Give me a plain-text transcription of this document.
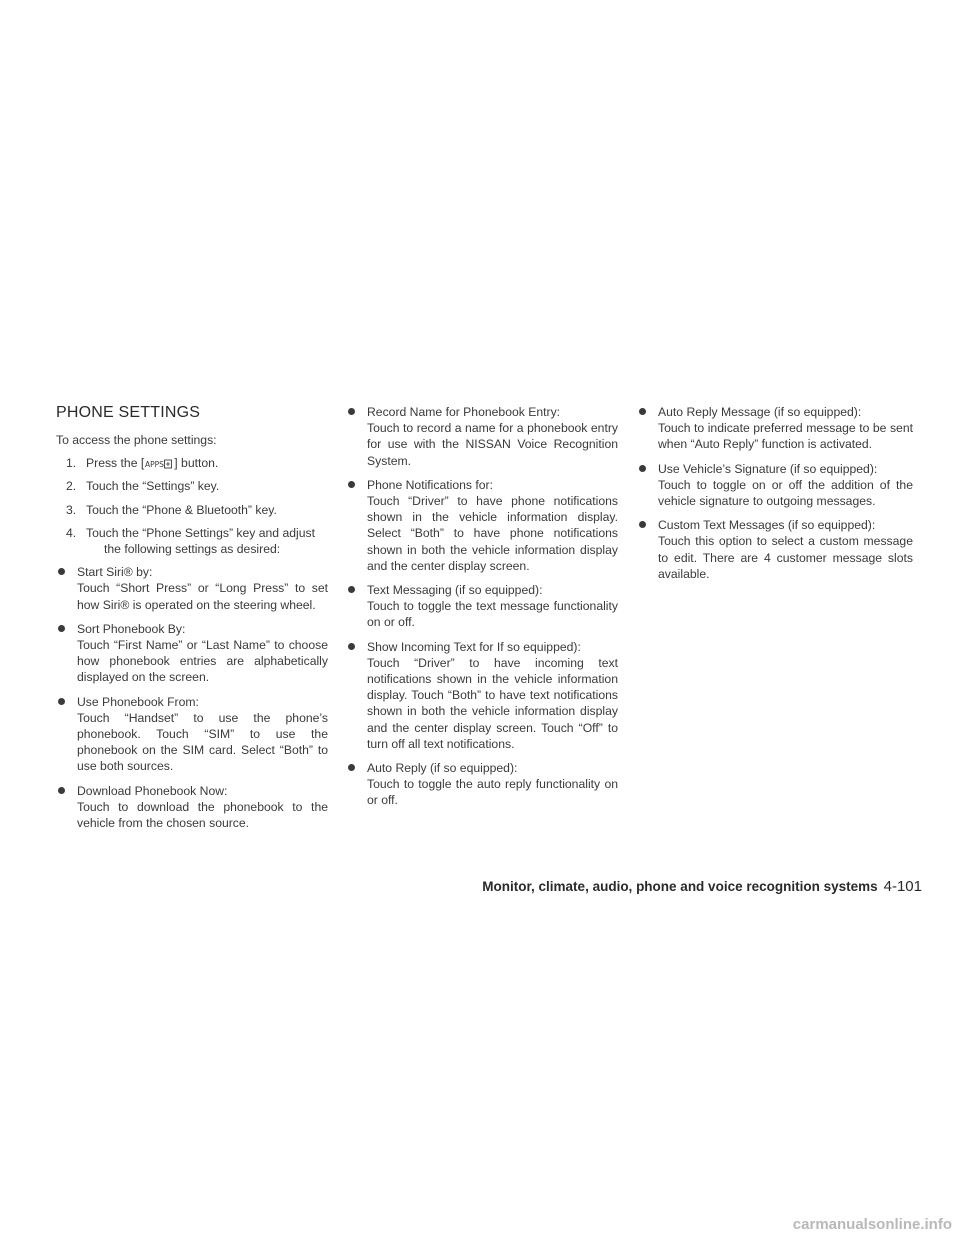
PHONE SETTINGS

To access the phone settings:

1. Press the [ APPS ] button.
2. Touch the “Settings” key.
3. Touch the “Phone & Bluetooth” key.
4. Touch the “Phone Settings” key and adjust
the following settings as desired:
Start Siri® by:
Touch “Short Press” or “Long Press” to set how Siri® is operated on the steering wheel.
Sort Phonebook By:
Touch “First Name” or “Last Name” to choose how phonebook entries are alphabetically displayed on the screen.
Use Phonebook From:
Touch “Handset” to use the phone’s phonebook. Touch “SIM” to use the phonebook on the SIM card. Select “Both” to use both sources.
Download Phonebook Now:
Touch to download the phonebook to the vehicle from the chosen source.
Record Name for Phonebook Entry:
Touch to record a name for a phonebook entry for use with the NISSAN Voice Recognition System.
Phone Notifications for:
Touch “Driver” to have phone notifications shown in the vehicle information display. Select “Both” to have phone notifications shown in both the vehicle information display and the center display screen.
Text Messaging (if so equipped):
Touch to toggle the text message functionality on or off.
Show Incoming Text for If so equipped):
Touch “Driver” to have incoming text notifications shown in the vehicle information display. Touch “Both” to have text notifications shown in both the vehicle information display and the center display screen. Touch “Off” to turn off all text notifications.
Auto Reply (if so equipped):
Touch to toggle the auto reply functionality on or off.
Auto Reply Message (if so equipped):
Touch to indicate preferred message to be sent when “Auto Reply” function is activated.
Use Vehicle’s Signature (if so equipped):
Touch to toggle on or off the addition of the vehicle signature to outgoing messages.
Custom Text Messages (if so equipped):
Touch this option to select a custom message to edit. There are 4 customer message slots available.
Monitor, climate, audio, phone and voice recognition systems 4-101
carmanualsonline.info
